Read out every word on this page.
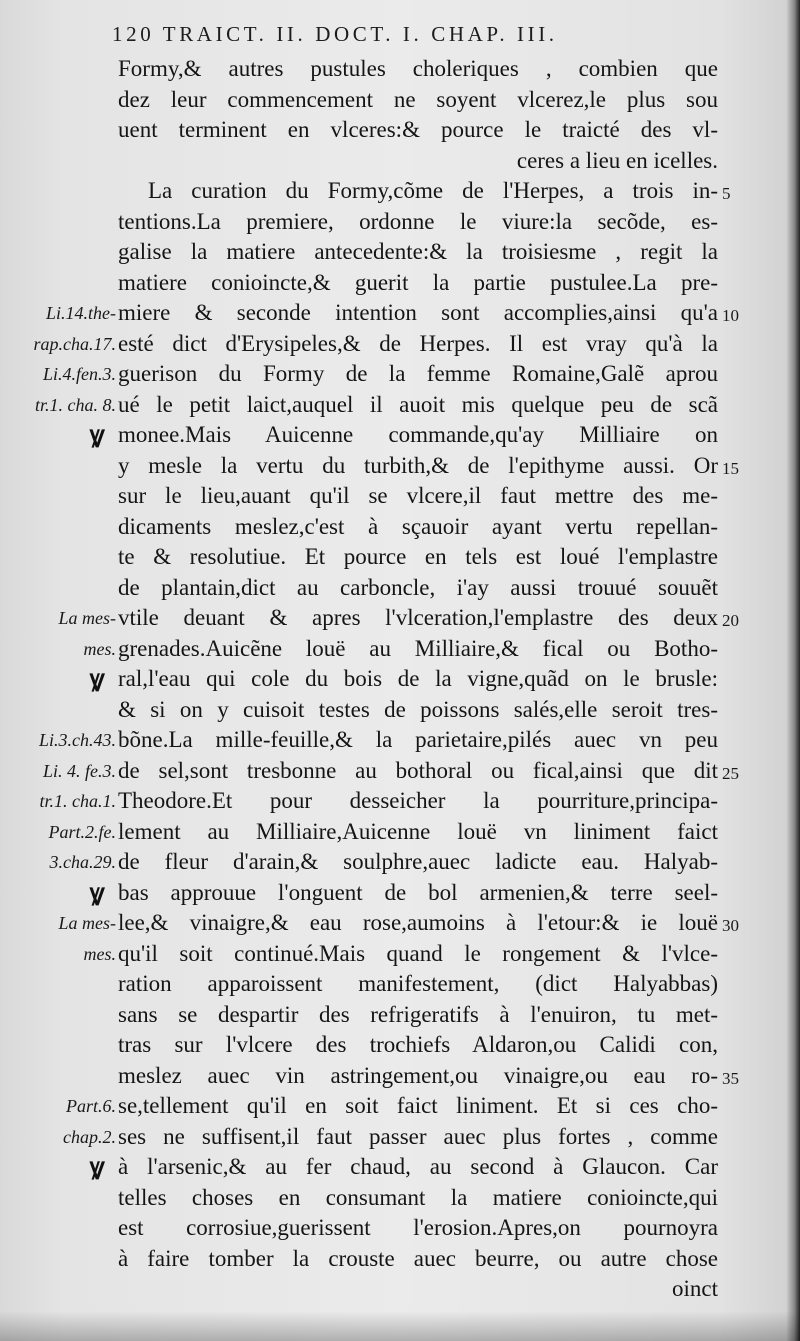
120 TRAICT. II. DOCT. I. CHAP. III.
Formy,& autres pustules choleriques , combien que
dez leur commencement ne soyent vlcerez,le plus sou
uent terminent en vlceres:& pource le traicté des vl-
ceres a lieu en icelles.
La curation du Formy,cõme de l'Herpes, a trois in-
tentions.La premiere, ordonne le viure:la secõde, es-
galise la matiere antecedente:& la troisiesme , regit la
matiere conioincte,& guerit la partie pustulee.La pre-
miere & seconde intention sont accomplies,ainsi qu'a
esté dict d'Erysipeles,& de Herpes. Il est vray qu'à la
guerison du Formy de la femme Romaine,Galẽ aprou
ué le petit laict,auquel il auoit mis quelque peu de scã
monee.Mais Auicenne commande,qu'ay Milliaire on
y mesle la vertu du turbith,& de l'epithyme aussi. Or
sur le lieu,auant qu'il se vlcere,il faut mettre des me-
dicaments meslez,c'est à sçauoir ayant vertu repellan-
te & resolutiue. Et pource en tels est loué l'emplastre
de plantain,dict au carboncle, i'ay aussi trouué souuẽt
vtile deuant & apres l'vlceration,l'emplastre des deux
grenades.Auicẽne louë au Milliaire,& fical ou Botho-
ral,l'eau qui cole du bois de la vigne,quãd on le brusle:
& si on y cuisoit testes de poissons salés,elle seroit tres-
bõne.La mille-feuille,& la parietaire,pilés auec vn peu
de sel,sont tresbonne au bothoral ou fical,ainsi que dit
Theodore.Et pour desseicher la pourriture,principa-
lement au Milliaire,Auicenne louë vn liniment faict
de fleur d'arain,& soulphre,auec ladicte eau. Halyab-
bas approuue l'onguent de bol armenien,& terre seel-
lee,& vinaigre,& eau rose,aumoins à l'etour:& ie louë
qu'il soit continué.Mais quand le rongement & l'vlce-
ration apparoissent manifestement, (dict Halyabbas)
sans se despartir des refrigeratifs à l'enuiron, tu met-
tras sur l'vlcere des trochiefs Aldaron,ou Calidi con,
meslez auec vin astringement,ou vinaigre,ou eau ro-
se,tellement qu'il en soit faict liniment. Et si ces cho-
ses ne suffisent,il faut passer auec plus fortes , comme
à l'arsenic,& au fer chaud, au second à Glaucon. Car
telles choses en consumant la matiere conioincte,qui
est corrosiue,guerissent l'erosion.Apres,on pournoyra
à faire tomber la crouste auec beurre, ou autre chose
oinct
Li.14.the-
rap.cha.17.
Li.4.fen.3.
tr.1. cha. 8.
La mes-
mes.
Li.3.ch.43.
Li. 4. fe.3.
tr.1. cha.1.
Part.2.fe.
3.cha.29.
La mes-
mes.
Part.6.
chap.2.
Ꝟ
Ꝟ
Ꝟ
Ꝟ
5
10
15
20
25
30
35
